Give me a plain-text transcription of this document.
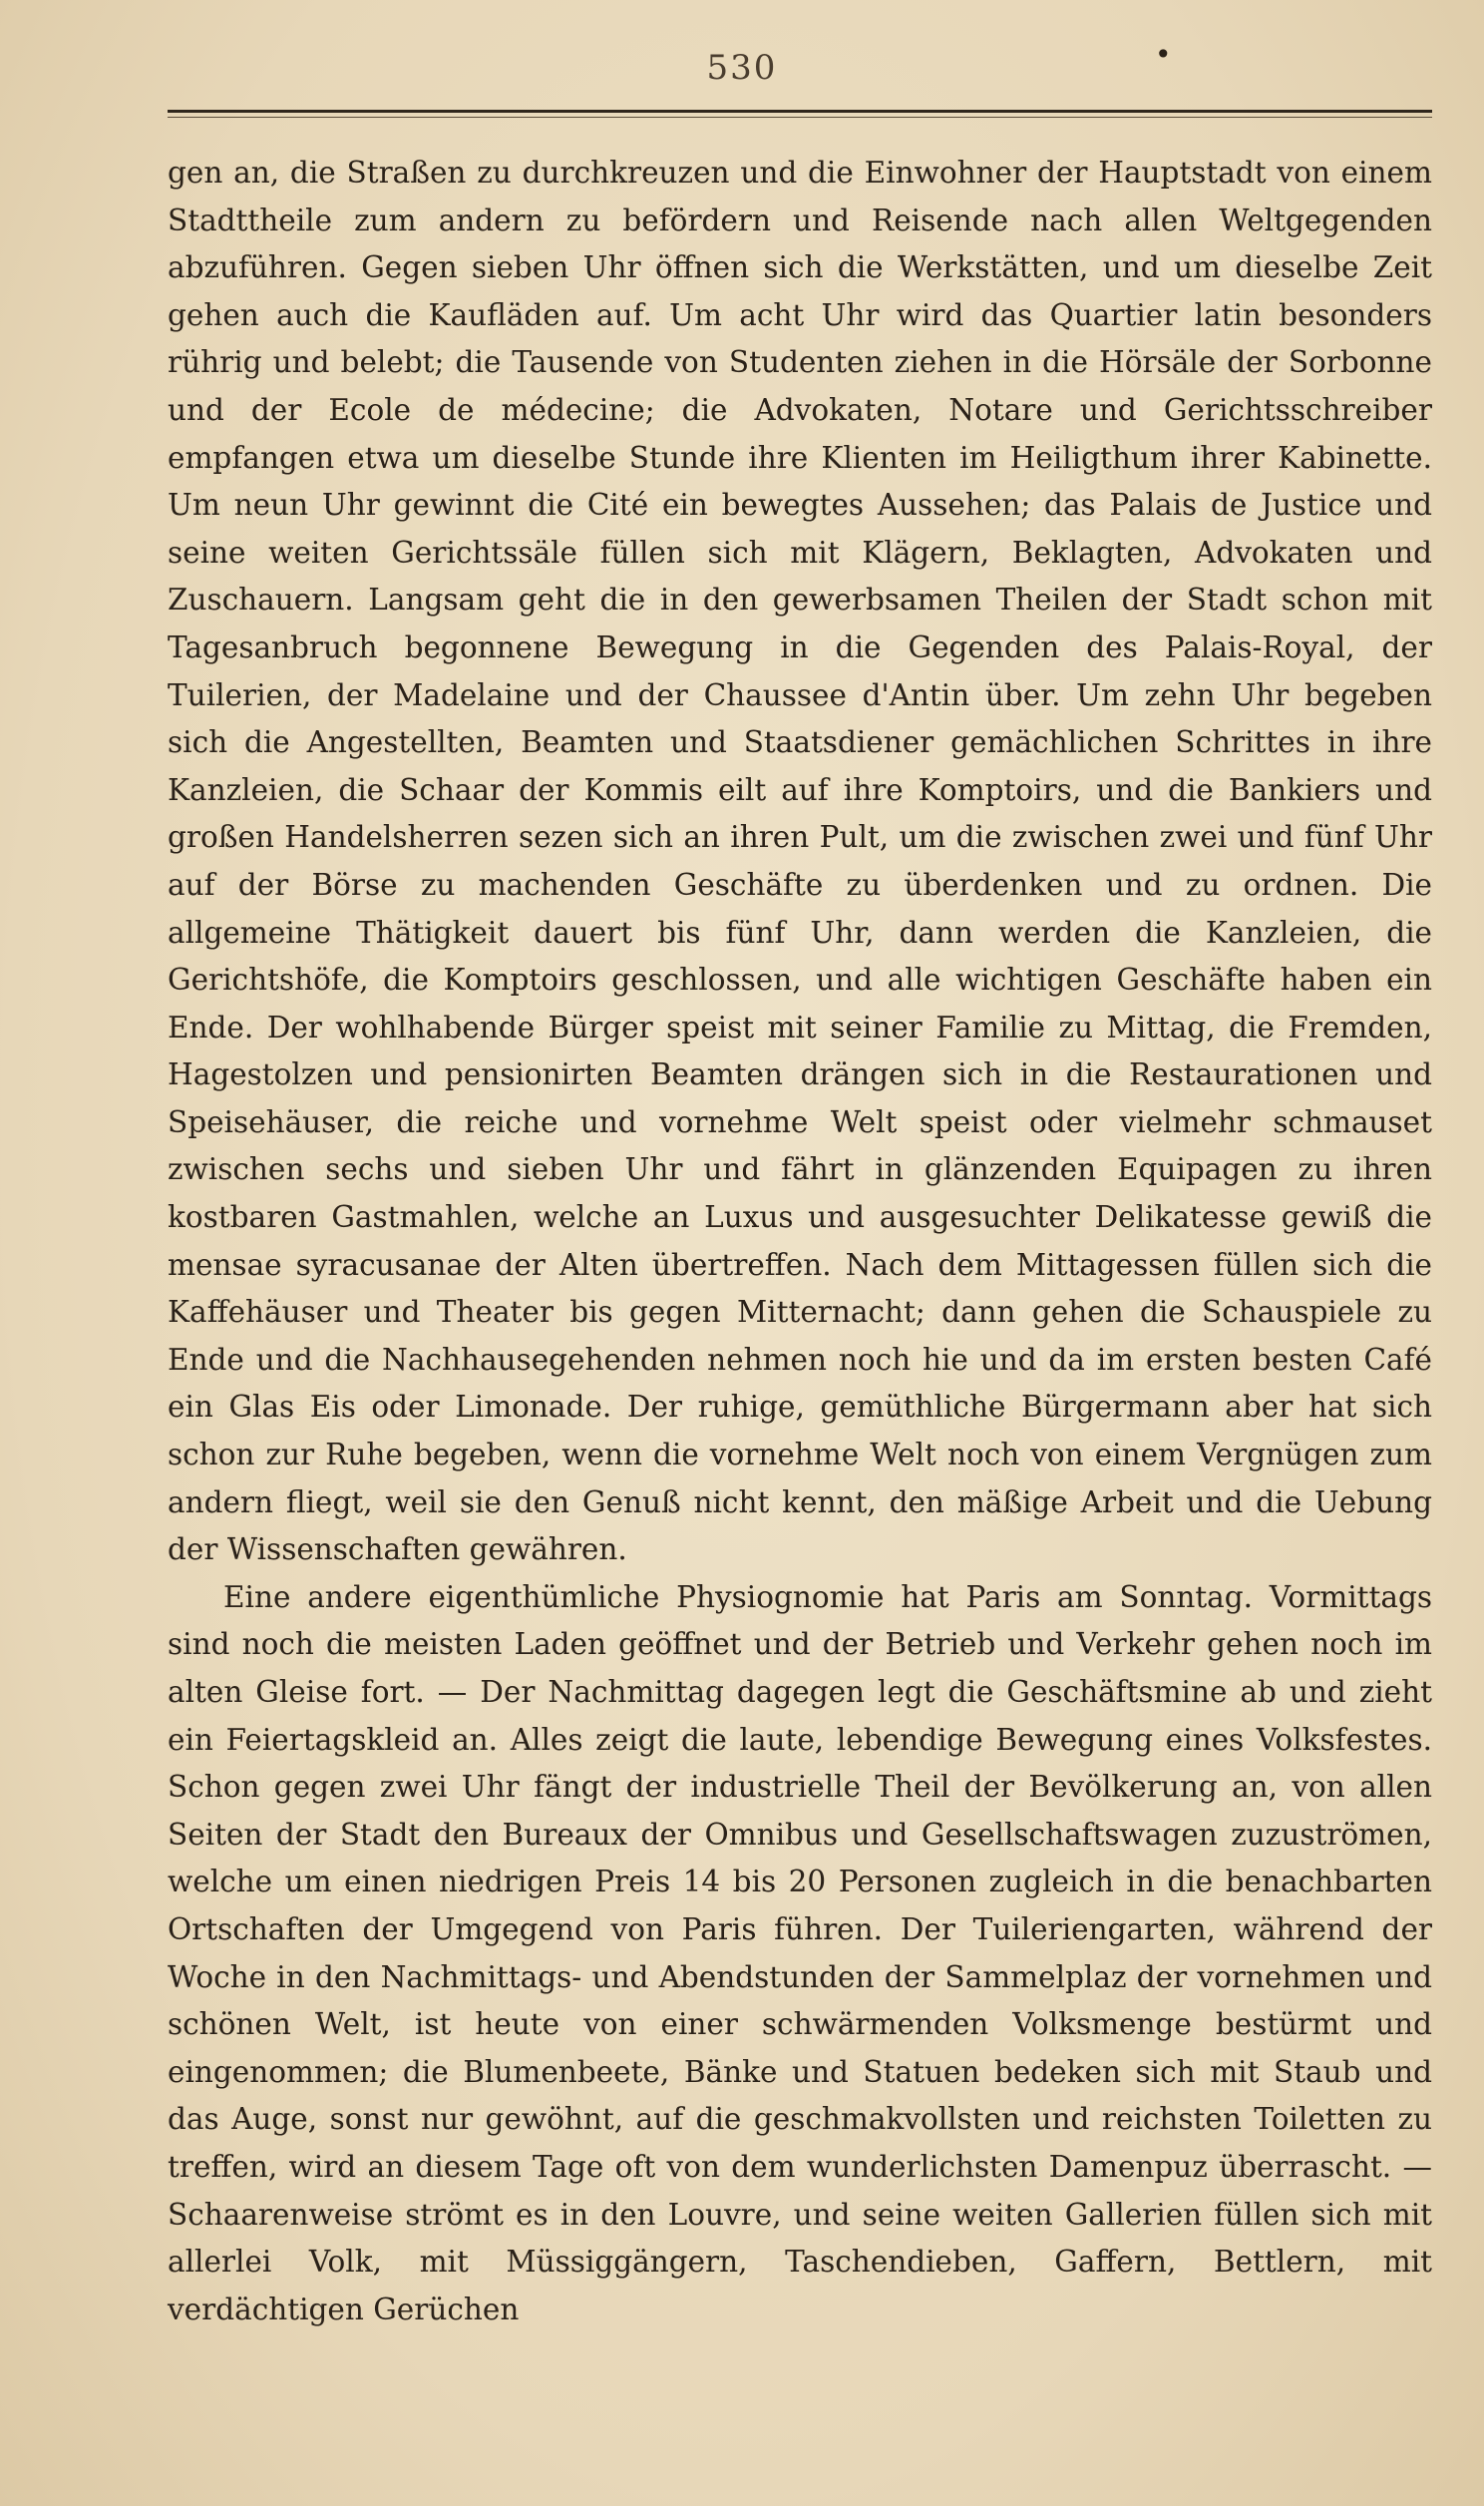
530	•

gen an, die Straßen zu durchkreuzen und die Einwohner der Hauptstadt von einem Stadttheile zum andern zu befördern und Reisende nach allen Weltgegenden abzuführen. Gegen sieben Uhr öffnen sich die Werkstätten, und um dieselbe Zeit gehen auch die Kaufläden auf. Um acht Uhr wird das Quartier latin besonders rührig und belebt; die Tausende von Studenten ziehen in die Hörsäle der Sorbonne und der Ecole de médecine; die Advokaten, Notare und Gerichtsschreiber empfangen etwa um dieselbe Stunde ihre Klienten im Heiligthum ihrer Kabinette. Um neun Uhr gewinnt die Cité ein bewegtes Aussehen; das Palais de Justice und seine weiten Gerichtssäle füllen sich mit Klägern, Beklagten, Advokaten und Zuschauern. Langsam geht die in den gewerbsamen Theilen der Stadt schon mit Tagesanbruch begonnene Bewegung in die Gegenden des Palais-Royal, der Tuilerien, der Madelaine und der Chaussee d'Antin über. Um zehn Uhr begeben sich die Angestellten, Beamten und Staatsdiener gemächlichen Schrittes in ihre Kanzleien, die Schaar der Kommis eilt auf ihre Komptoirs, und die Bankiers und großen Handelsherren sezen sich an ihren Pult, um die zwischen zwei und fünf Uhr auf der Börse zu machenden Geschäfte zu überdenken und zu ordnen. Die allgemeine Thätigkeit dauert bis fünf Uhr, dann werden die Kanzleien, die Gerichtshöfe, die Komptoirs geschlossen, und alle wichtigen Geschäfte haben ein Ende. Der wohlhabende Bürger speist mit seiner Familie zu Mittag, die Fremden, Hagestolzen und pensionirten Beamten drängen sich in die Restaurationen und Speisehäuser, die reiche und vornehme Welt speist oder vielmehr schmauset zwischen sechs und sieben Uhr und fährt in glänzenden Equipagen zu ihren kostbaren Gastmahlen, welche an Luxus und ausgesuchter Delikatesse gewiß die mensae syracusanae der Alten übertreffen. Nach dem Mittagessen füllen sich die Kaffehäuser und Theater bis gegen Mitternacht; dann gehen die Schauspiele zu Ende und die Nachhausegehenden nehmen noch hie und da im ersten besten Café ein Glas Eis oder Limonade. Der ruhige, gemüthliche Bürgermann aber hat sich schon zur Ruhe begeben, wenn die vornehme Welt noch von einem Vergnügen zum andern fliegt, weil sie den Genuß nicht kennt, den mäßige Arbeit und die Uebung der Wissenschaften gewähren.

Eine andere eigenthümliche Physiognomie hat Paris am Sonntag. Vormittags sind noch die meisten Laden geöffnet und der Betrieb und Verkehr gehen noch im alten Gleise fort. — Der Nachmittag dagegen legt die Geschäftsmine ab und zieht ein Feiertagskleid an. Alles zeigt die laute, lebendige Bewegung eines Volksfestes. Schon gegen zwei Uhr fängt der industrielle Theil der Bevölkerung an, von allen Seiten der Stadt den Bureaux der Omnibus und Gesellschaftswagen zuzuströmen, welche um einen niedrigen Preis 14 bis 20 Personen zugleich in die benachbarten Ortschaften der Umgegend von Paris führen. Der Tuileriengarten, während der Woche in den Nachmittags- und Abendstunden der Sammelplaz der vornehmen und schönen Welt, ist heute von einer schwärmenden Volksmenge bestürmt und eingenommen; die Blumenbeete, Bänke und Statuen bedeken sich mit Staub und das Auge, sonst nur gewöhnt, auf die geschmakvollsten und reichsten Toiletten zu treffen, wird an diesem Tage oft von dem wunderlichsten Damenpuz überrascht. — Schaarenweise strömt es in den Louvre, und seine weiten Gallerien füllen sich mit allerlei Volk, mit Müssiggängern, Taschendieben, Gaffern, Bettlern, mit verdächtigen Gerüchen
